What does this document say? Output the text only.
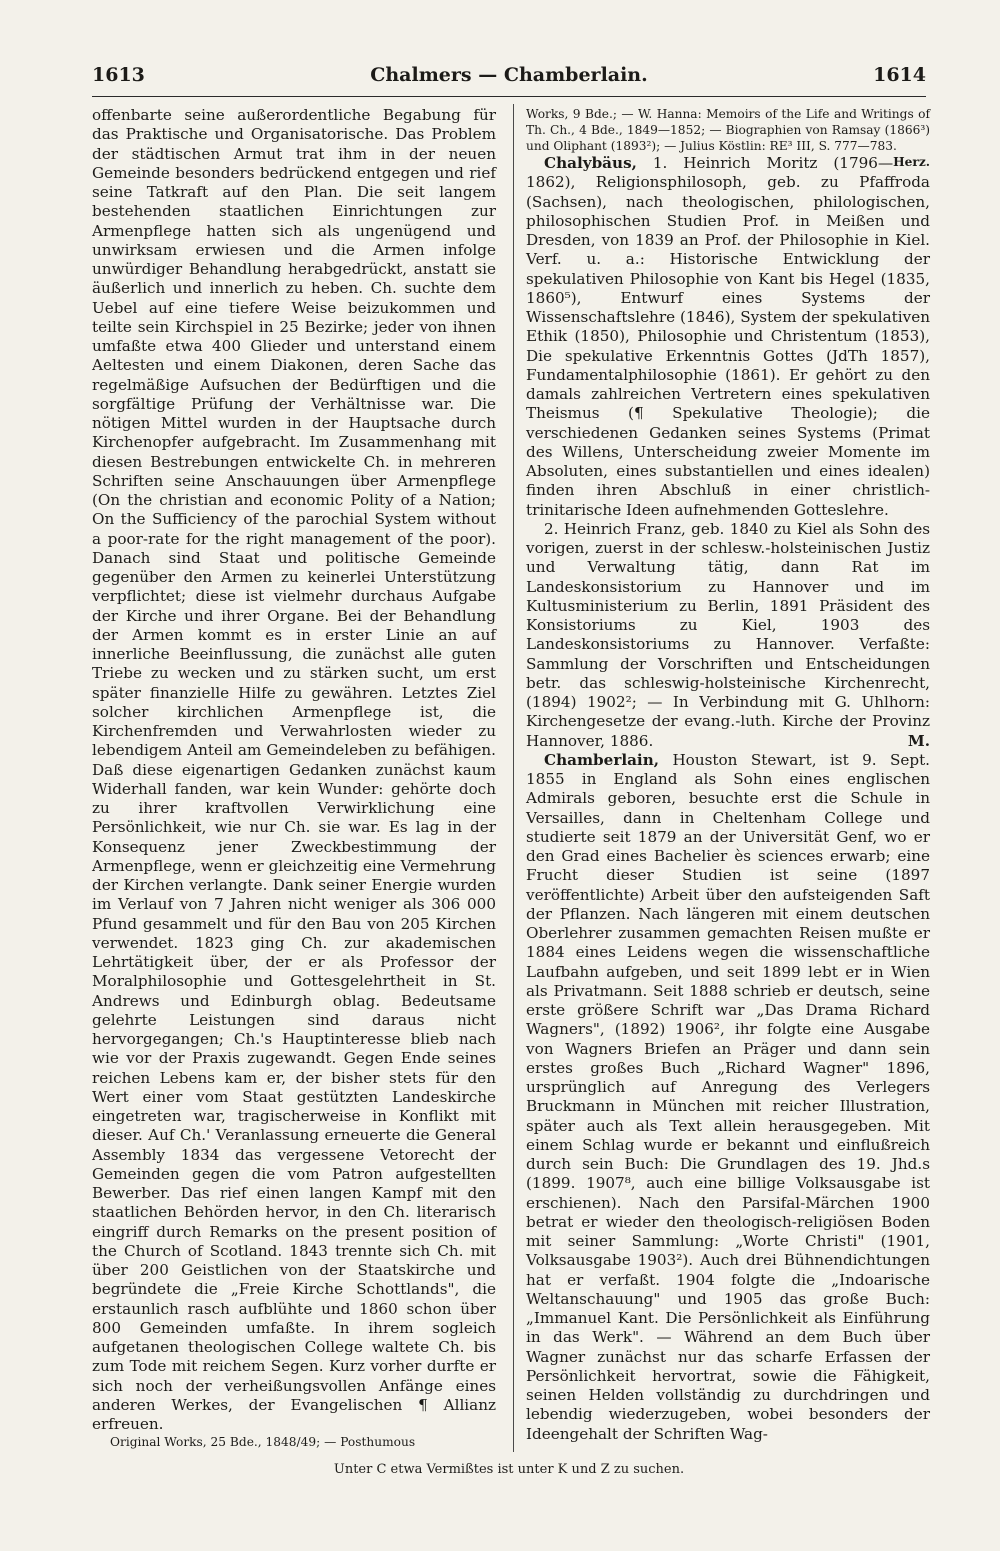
1613	Chalmers — Chamberlain.	1614

offenbarte seine außerordentliche Begabung für das Praktische und Organisatorische. Das Problem der städtischen Armut trat ihm in der neuen Gemeinde besonders bedrückend entgegen und rief seine Tatkraft auf den Plan. Die seit langem bestehenden staatlichen Einrichtungen zur Armenpflege hatten sich als ungenügend und unwirksam erwiesen und die Armen infolge unwürdiger Behandlung herabgedrückt, anstatt sie äußerlich und innerlich zu heben. Ch. suchte dem Uebel auf eine tiefere Weise beizukommen und teilte sein Kirchspiel in 25 Bezirke; jeder von ihnen umfaßte etwa 400 Glieder und unterstand einem Aeltesten und einem Diakonen, deren Sache das regelmäßige Aufsuchen der Bedürftigen und die sorgfältige Prüfung der Verhältnisse war. Die nötigen Mittel wurden in der Hauptsache durch Kirchenopfer aufgebracht. Im Zusammenhang mit diesen Bestrebungen entwickelte Ch. in mehreren Schriften seine Anschauungen über Armenpflege (On the christian and economic Polity of a Nation; On the Sufficiency of the parochial System without a poor-rate for the right management of the poor). Danach sind Staat und politische Gemeinde gegenüber den Armen zu keinerlei Unterstützung verpflichtet; diese ist vielmehr durchaus Aufgabe der Kirche und ihrer Organe. Bei der Behandlung der Armen kommt es in erster Linie an auf innerliche Beeinflussung, die zunächst alle guten Triebe zu wecken und zu stärken sucht, um erst später finanzielle Hilfe zu gewähren. Letztes Ziel solcher kirchlichen Armenpflege ist, die Kirchenfremden und Verwahrlosten wieder zu lebendigem Anteil am Gemeindeleben zu befähigen. Daß diese eigenartigen Gedanken zunächst kaum Widerhall fanden, war kein Wunder: gehörte doch zu ihrer kraftvollen Verwirklichung eine Persönlichkeit, wie nur Ch. sie war. Es lag in der Konsequenz jener Zweckbestimmung der Armenpflege, wenn er gleichzeitig eine Vermehrung der Kirchen verlangte. Dank seiner Energie wurden im Verlauf von 7 Jahren nicht weniger als 306 000 Pfund gesammelt und für den Bau von 205 Kirchen verwendet. 1823 ging Ch. zur akademischen Lehrtätigkeit über, der er als Professor der Moralphilosophie und Gottesgelehrtheit in St. Andrews und Edinburgh oblag. Bedeutsame gelehrte Leistungen sind daraus nicht hervorgegangen; Ch.'s Hauptinteresse blieb nach wie vor der Praxis zugewandt. Gegen Ende seines reichen Lebens kam er, der bisher stets für den Wert einer vom Staat gestützten Landeskirche eingetreten war, tragischerweise in Konflikt mit dieser. Auf Ch.' Veranlassung erneuerte die General Assembly 1834 das vergessene Vetorecht der Gemeinden gegen die vom Patron aufgestellten Bewerber. Das rief einen langen Kampf mit den staatlichen Behörden hervor, in den Ch. literarisch eingriff durch Remarks on the present position of the Church of Scotland. 1843 trennte sich Ch. mit über 200 Geistlichen von der Staatskirche und begründete die „Freie Kirche Schottlands", die erstaunlich rasch aufblühte und 1860 schon über 800 Gemeinden umfaßte. In ihrem sogleich aufgetanen theologischen College waltete Ch. bis zum Tode mit reichem Segen. Kurz vorher durfte er sich noch der verheißungsvollen Anfänge eines anderen Werkes, der Evangelischen ¶ Allianz erfreuen.

Original Works, 25 Bde., 1848/49; — Posthumous

Works, 9 Bde.; — W. Hanna: Memoirs of the Life and Writings of Th. Ch., 4 Bde., 1849—1852; — Biographien von Ramsay (1866³) und Oliphant (1893²); — Julius Köstlin: RE³ III, S. 777—783.
Herz.

Chalybäus, 1. Heinrich Moritz (1796—1862), Religionsphilosoph, geb. zu Pfaffroda (Sachsen), nach theologischen, philologischen, philosophischen Studien Prof. in Meißen und Dresden, von 1839 an Prof. der Philosophie in Kiel. Verf. u. a.: Historische Entwicklung der spekulativen Philosophie von Kant bis Hegel (1835, 1860⁵), Entwurf eines Systems der Wissenschaftslehre (1846), System der spekulativen Ethik (1850), Philosophie und Christentum (1853), Die spekulative Erkenntnis Gottes (JdTh 1857), Fundamentalphilosophie (1861). Er gehört zu den damals zahlreichen Vertretern eines spekulativen Theismus (¶ Spekulative Theologie); die verschiedenen Gedanken seines Systems (Primat des Willens, Unterscheidung zweier Momente im Absoluten, eines substantiellen und eines idealen) finden ihren Abschluß in einer christlich-trinitarische Ideen aufnehmenden Gotteslehre.

2. Heinrich Franz, geb. 1840 zu Kiel als Sohn des vorigen, zuerst in der schlesw.-holsteinischen Justiz und Verwaltung tätig, dann Rat im Landeskonsistorium zu Hannover und im Kultusministerium zu Berlin, 1891 Präsident des Konsistoriums zu Kiel, 1903 des Landeskonsistoriums zu Hannover. Verfaßte: Sammlung der Vorschriften und Entscheidungen betr. das schleswig-holsteinische Kirchenrecht, (1894) 1902²; — In Verbindung mit G. Uhlhorn: Kirchengesetze der evang.-luth. Kirche der Provinz Hannover, 1886.	M.

Chamberlain, Houston Stewart, ist 9. Sept. 1855 in England als Sohn eines englischen Admirals geboren, besuchte erst die Schule in Versailles, dann in Cheltenham College und studierte seit 1879 an der Universität Genf, wo er den Grad eines Bachelier ès sciences erwarb; eine Frucht dieser Studien ist seine (1897 veröffentlichte) Arbeit über den aufsteigenden Saft der Pflanzen. Nach längeren mit einem deutschen Oberlehrer zusammen gemachten Reisen mußte er 1884 eines Leidens wegen die wissenschaftliche Laufbahn aufgeben, und seit 1899 lebt er in Wien als Privatmann. Seit 1888 schrieb er deutsch, seine erste größere Schrift war „Das Drama Richard Wagners", (1892) 1906², ihr folgte eine Ausgabe von Wagners Briefen an Präger und dann sein erstes großes Buch „Richard Wagner" 1896, ursprünglich auf Anregung des Verlegers Bruckmann in München mit reicher Illustration, später auch als Text allein herausgegeben. Mit einem Schlag wurde er bekannt und einflußreich durch sein Buch: Die Grundlagen des 19. Jhd.s (1899. 1907⁸, auch eine billige Volksausgabe ist erschienen). Nach den Parsifal-Märchen 1900 betrat er wieder den theologisch-religiösen Boden mit seiner Sammlung: „Worte Christi" (1901, Volksausgabe 1903²). Auch drei Bühnendichtungen hat er verfaßt. 1904 folgte die „Indoarische Weltanschauung" und 1905 das große Buch: „Immanuel Kant. Die Persönlichkeit als Einführung in das Werk". — Während an dem Buch über Wagner zunächst nur das scharfe Erfassen der Persönlichkeit hervortrat, sowie die Fähigkeit, seinen Helden vollständig zu durchdringen und lebendig wiederzugeben, wobei besonders der Ideengehalt der Schriften Wag-

Unter C etwa Vermißtes ist unter K und Z zu suchen.
